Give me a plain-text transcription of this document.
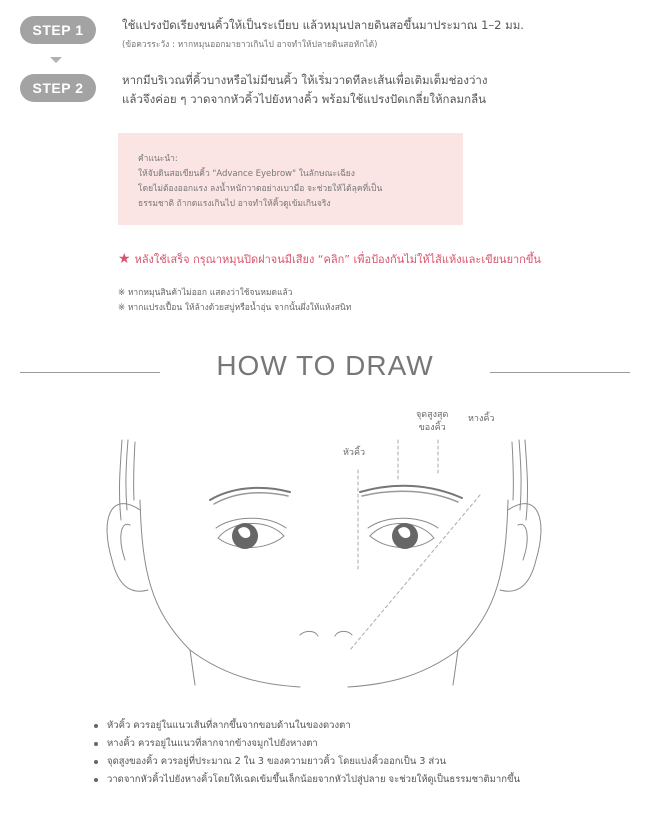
STEP 1	ใช้แปรงปัดเรียงขนคิ้วให้เป็นระเบียบ แล้วหมุนปลายดินสอขึ้นมาประมาณ 1–2 มม.
(ข้อควรระวัง : หากหมุนออกมายาวเกินไป อาจทำให้ปลายดินสอหักได้)
STEP 2	หากมีบริเวณที่คิ้วบางหรือไม่มีขนคิ้ว ให้เริ่มวาดทีละเส้นเพื่อเติมเต็มช่องว่าง
แล้วจึงค่อย ๆ วาดจากหัวคิ้วไปยังหางคิ้ว พร้อมใช้แปรงปัดเกลี่ยให้กลมกลืน
คำแนะนำ:
ให้จับดินสอเขียนคิ้ว "Advance Eyebrow" ในลักษณะเฉียง
โดยไม่ต้องออกแรง ลงน้ำหนักวาดอย่างเบามือ จะช่วยให้ได้ลุคที่เป็น
ธรรมชาติ ถ้ากดแรงเกินไป อาจทำให้คิ้วดูเข้มเกินจริง
★ หลังใช้เสร็จ กรุณาหมุนปิดฝาจนมีเสียง “คลิก” เพื่อป้องกันไม่ให้ไส้แห้งและเขียนยากขึ้น
※ หากหมุนสินค้าไม่ออก แสดงว่าใช้จนหมดแล้ว
※ หากแปรงเปื้อน ให้ล้างด้วยสบู่หรือน้ำอุ่น จากนั้นผึ่งให้แห้งสนิท
HOW TO DRAW
หัวคิ้ว
จุดสูงสุด
ของคิ้ว
หางคิ้ว
หัวคิ้ว ควรอยู่ในแนวเส้นที่ลากขึ้นจากขอบด้านในของดวงตา
หางคิ้ว ควรอยู่ในแนวที่ลากจากข้างจมูกไปยังหางตา
จุดสูงของคิ้ว ควรอยู่ที่ประมาณ 2 ใน 3 ของความยาวคิ้ว โดยแบ่งคิ้วออกเป็น 3 ส่วน
วาดจากหัวคิ้วไปยังหางคิ้วโดยให้เฉดเข้มขึ้นเล็กน้อยจากหัวไปสู่ปลาย จะช่วยให้ดูเป็นธรรมชาติมากขึ้น
